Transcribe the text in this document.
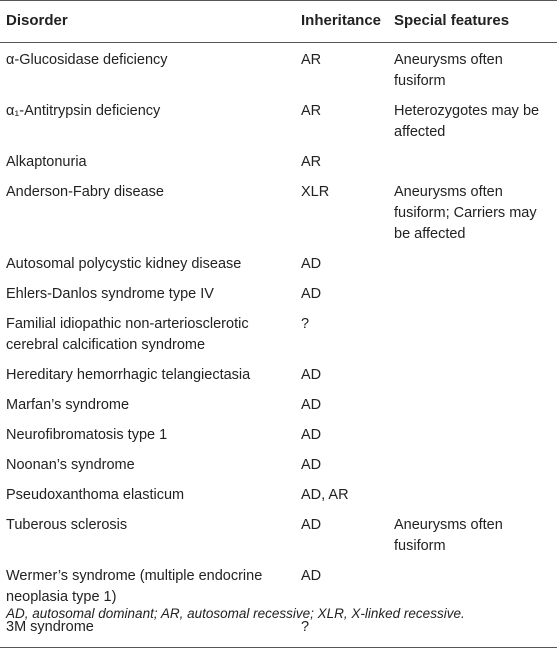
Disorder	Inheritance	Special features
α-Glucosidase deficiency	AR	Aneurysms often fusiform
α₁-Antitrypsin deficiency	AR	Heterozygotes may be affected
Alkaptonuria	AR	
Anderson-Fabry disease	XLR	Aneurysms often fusiform; Carriers may be affected
Autosomal polycystic kidney disease	AD	
Ehlers-Danlos syndrome type IV	AD	
Familial idiopathic non-arteriosclerotic cerebral calcification syndrome	?	
Hereditary hemorrhagic telangiectasia	AD	
Marfan’s syndrome	AD	
Neurofibromatosis type 1	AD	
Noonan’s syndrome	AD	
Pseudoxanthoma elasticum	AD, AR	
Tuberous sclerosis	AD	Aneurysms often fusiform
Wermer’s syndrome (multiple endocrine neoplasia type 1)	AD	
3M syndrome	?	
AD, autosomal dominant; AR, autosomal recessive; XLR, X-linked recessive.
